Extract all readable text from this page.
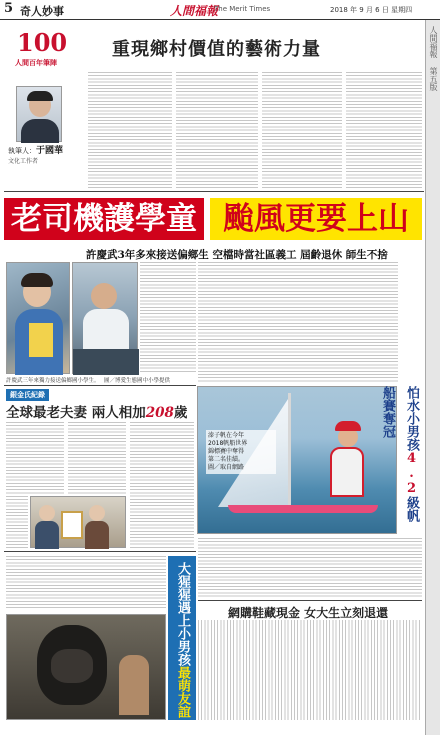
5 奇人妙事	人間福報
The Merit Times	2018 年 9 月 6 日 星期四
人間福報 第五版
100
人間百年筆陣
執筆人：于國華
文化工作者
重現鄉村價值的藝術力量
老司機護學童 颱風更要上山
許慶武3年多來接送偏鄉生 空檔時當社區義工 屆齡退休 師生不捨
許慶武三年來獨力接送偏鄉國小學生。 圖／博愛生態國中小學提供
溱子帆在今年
2018帆船世界
錦標賽中奪得
第二名佳績。
圖／取自網路
怕水小男孩4.2級帆船賽奪冠
銀金氏紀錄
全球最老夫妻 兩人相加208歲
大猩猩遇上小男孩最萌友誼
網購鞋藏現金 女大生立刻退還
